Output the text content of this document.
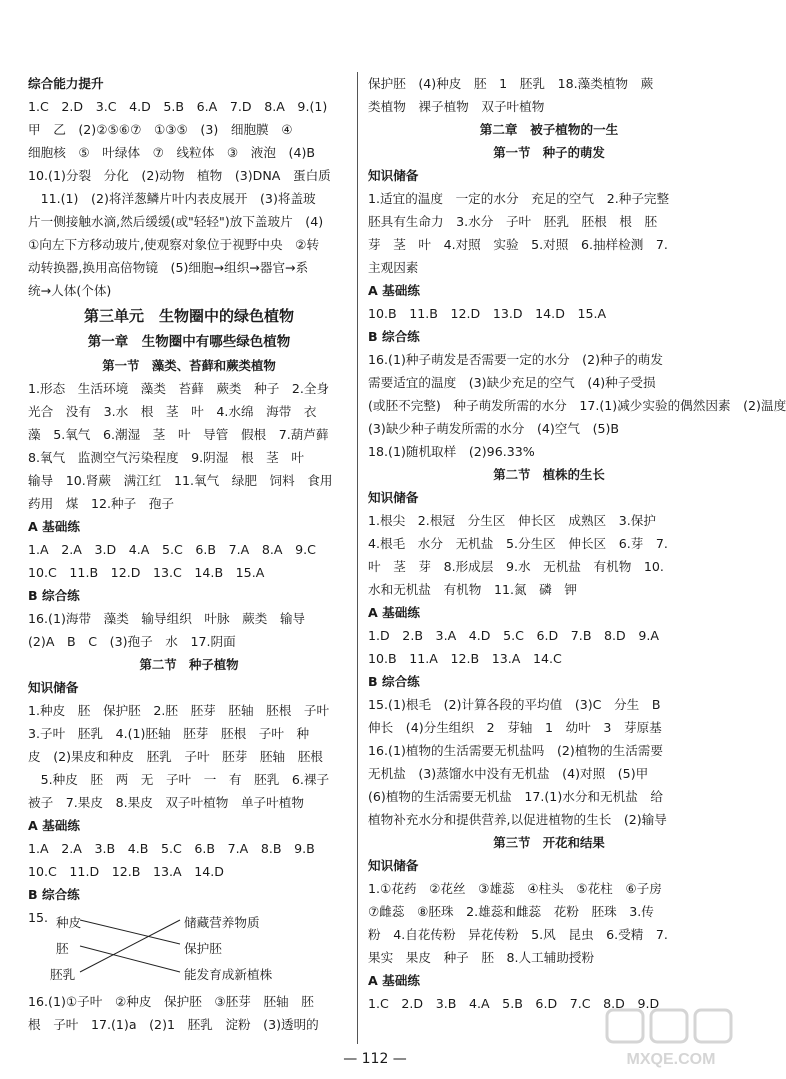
综合能力提升
1.C　2.D　3.C　4.D　5.B　6.A　7.D　8.A　9.(1)
甲　乙　(2)②⑤⑥⑦　①③⑤　(3)　细胞膜　④
细胞核　⑤　叶绿体　⑦　线粒体　③　液泡　(4)B
10.(1)分裂　分化　(2)动物　植物　(3)DNA　蛋白质
　11.(1)　(2)将洋葱鳞片叶内表皮展开　(3)将盖玻
片一侧接触水滴,然后缓缓(或"轻轻")放下盖玻片　(4)
①向左下方移动玻片,使观察对象位于视野中央　②转
动转换器,换用高倍物镜　(5)细胞→组织→器官→系
统→人体(个体)
第三单元　生物圈中的绿色植物
第一章　生物圈中有哪些绿色植物
第一节　藻类、苔藓和蕨类植物
1.形态　生活环境　藻类　苔藓　蕨类　种子　2.全身
光合　没有　3.水　根　茎　叶　4.水绵　海带　衣
藻　5.氧气　6.潮湿　茎　叶　导管　假根　7.葫芦藓
8.氧气　监测空气污染程度　9.阴湿　根　茎　叶
输导　10.肾蕨　满江红　11.氧气　绿肥　饲料　食用
药用　煤　12.种子　孢子
A 基础练
1.A　2.A　3.D　4.A　5.C　6.B　7.A　8.A　9.C
10.C　11.B　12.D　13.C　14.B　15.A
B 综合练
16.(1)海带　藻类　输导组织　叶脉　蕨类　输导
(2)A　B　C　(3)孢子　水　17.阴面
第二节　种子植物
知识储备
1.种皮　胚　保护胚　2.胚　胚芽　胚轴　胚根　子叶
3.子叶　胚乳　4.(1)胚轴　胚芽　胚根　子叶　种
皮　(2)果皮和种皮　胚乳　子叶　胚芽　胚轴　胚根
　5.种皮　胚　两　无　子叶　一　有　胚乳　6.裸子
被子　7.果皮　8.果皮　双子叶植物　单子叶植物
A 基础练
1.A　2.A　3.B　4.B　5.C　6.B　7.A　8.B　9.B
10.C　11.D　12.B　13.A　14.D
B 综合练
15. 种皮
胚
胚乳
储藏营养物质
保护胚
能发育成新植株
16.(1)①子叶　②种皮　保护胚　③胚芽　胚轴　胚
根　子叶　17.(1)a　(2)1　胚乳　淀粉　(3)透明的
保护胚　(4)种皮　胚　1　胚乳　18.藻类植物　蕨
类植物　裸子植物　双子叶植物
第二章　被子植物的一生
第一节　种子的萌发
知识储备
1.适宜的温度　一定的水分　充足的空气　2.种子完整
胚具有生命力　3.水分　子叶　胚乳　胚根　根　胚
芽　茎　叶　4.对照　实验　5.对照　6.抽样检测　7.
主观因素
A 基础练
10.B　11.B　12.D　13.D　14.D　15.A
B 综合练
16.(1)种子萌发是否需要一定的水分　(2)种子的萌发
需要适宜的温度　(3)缺少充足的空气　(4)种子受损
(或胚不完整)　种子萌发所需的水分　17.(1)减少实验的偶然因素　(2)温度
(3)缺少种子萌发所需的水分　(4)空气　(5)B
18.(1)随机取样　(2)96.33%
第二节　植株的生长
知识储备
1.根尖　2.根冠　分生区　伸长区　成熟区　3.保护
4.根毛　水分　无机盐　5.分生区　伸长区　6.芽　7.
叶　茎　芽　8.形成层　9.水　无机盐　有机物　10.
水和无机盐　有机物　11.氮　磷　钾
A 基础练
1.D　2.B　3.A　4.D　5.C　6.D　7.B　8.D　9.A
10.B　11.A　12.B　13.A　14.C
B 综合练
15.(1)根毛　(2)计算各段的平均值　(3)C　分生　B
伸长　(4)分生组织　2　芽轴　1　幼叶　3　芽原基
16.(1)植物的生活需要无机盐吗　(2)植物的生活需要
无机盐　(3)蒸馏水中没有无机盐　(4)对照　(5)甲
(6)植物的生活需要无机盐　17.(1)水分和无机盐　给
植物补充水分和提供营养,以促进植物的生长　(2)输导
第三节　开花和结果
知识储备
1.①花药　②花丝　③雄蕊　④柱头　⑤花柱　⑥子房
⑦雌蕊　⑧胚珠　2.雄蕊和雌蕊　花粉　胚珠　3.传
粉　4.自花传粉　异花传粉　5.风　昆虫　6.受精　7.
果实　果皮　种子　胚　8.人工辅助授粉
A 基础练
1.C　2.D　3.B　4.A　5.B　6.D　7.C　8.D　9.D
MXQE.COM
— 112 —
